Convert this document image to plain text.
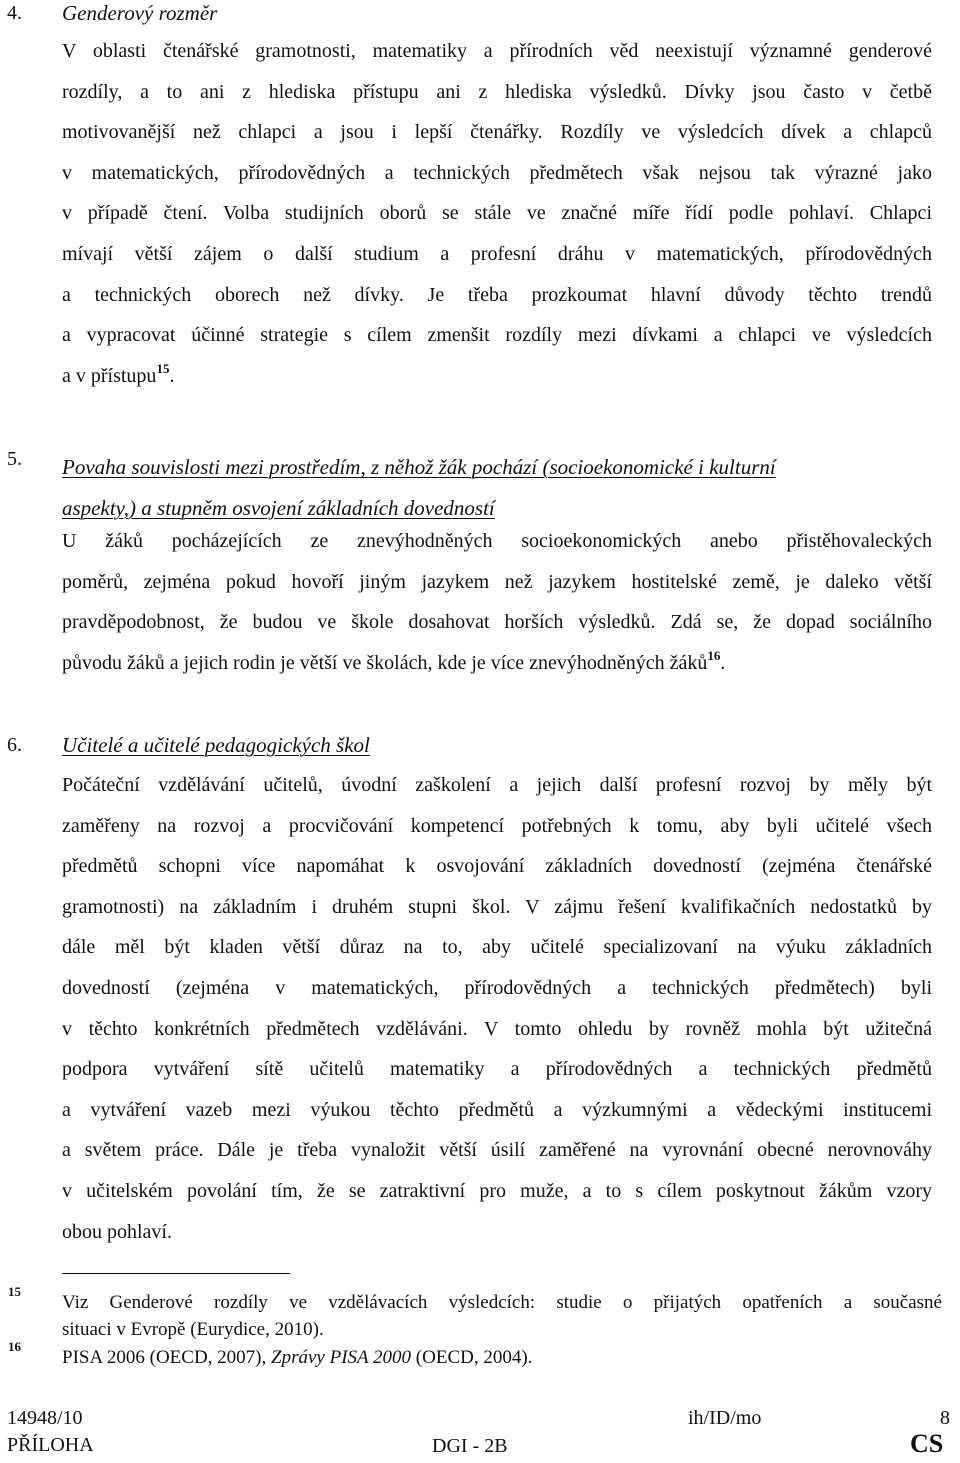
4. Genderový rozměr
V oblasti čtenářské gramotnosti, matematiky a přírodních věd neexistují významné genderové
rozdíly, a to ani z hlediska přístupu ani z hlediska výsledků. Dívky jsou často v četbě
motivovanější než chlapci a jsou i lepší čtenářky. Rozdíly ve výsledcích dívek a chlapců
v matematických, přírodovědných a technických předmětech však nejsou tak výrazné jako
v případě čtení. Volba studijních oborů se stále ve značné míře řídí podle pohlaví. Chlapci
mívají větší zájem o další studium a profesní dráhu v matematických, přírodovědných
a technických oborech než dívky. Je třeba prozkoumat hlavní důvody těchto trendů
a vypracovat účinné strategie s cílem zmenšit rozdíly mezi dívkami a chlapci ve výsledcích
a v přístupu$^{15}$.
5. Povaha souvislosti mezi prostředím, z něhož žák pochází (socioekonomické i kulturní
aspekty,) a stupněm osvojení základních dovedností
U žáků pocházejících ze znevýhodněných socioekonomických anebo přistěhovaleckých
poměrů, zejména pokud hovoří jiným jazykem než jazykem hostitelské země, je daleko větší
pravděpodobnost, že budou ve škole dosahovat horších výsledků. Zdá se, že dopad sociálního
původu žáků a jejich rodin je větší ve školách, kde je více znevýhodněných žáků$^{16}$.
6. Učitelé a učitelé pedagogických škol
Počáteční vzdělávání učitelů, úvodní zaškolení a jejich další profesní rozvoj by měly být
zaměřeny na rozvoj a procvičování kompetencí potřebných k tomu, aby byli učitelé všech
předmětů schopni více napomáhat k osvojování základních dovedností (zejména čtenářské
gramotnosti) na základním i druhém stupni škol. V zájmu řešení kvalifikačních nedostatků by
dále měl být kladen větší důraz na to, aby učitelé specializovaní na výuku základních
dovedností (zejména v matematických, přírodovědných a technických předmětech) byli
v těchto konkrétních předmětech vzděláváni. V tomto ohledu by rovněž mohla být užitečná
podpora vytváření sítě učitelů matematiky a přírodovědných a technických předmětů
a vytváření vazeb mezi výukou těchto předmětů a výzkumnými a vědeckými institucemi
a světem práce. Dále je třeba vynaložit větší úsilí zaměřené na vyrovnání obecné nerovnováhy
v učitelském povolání tím, že se zatraktivní pro muže, a to s cílem poskytnout žákům vzory
obou pohlaví.
15
Viz Genderové rozdíly ve vzdělávacích výsledcích: studie o přijatých opatřeních a současné
situaci v Evropě (Eurydice, 2010).
16
PISA 2006 (OECD, 2007), Zprávy PISA 2000 (OECD, 2004).
14948/10
PŘÍLOHA
ih/ID/mo
DGI - 2B
8
CS
